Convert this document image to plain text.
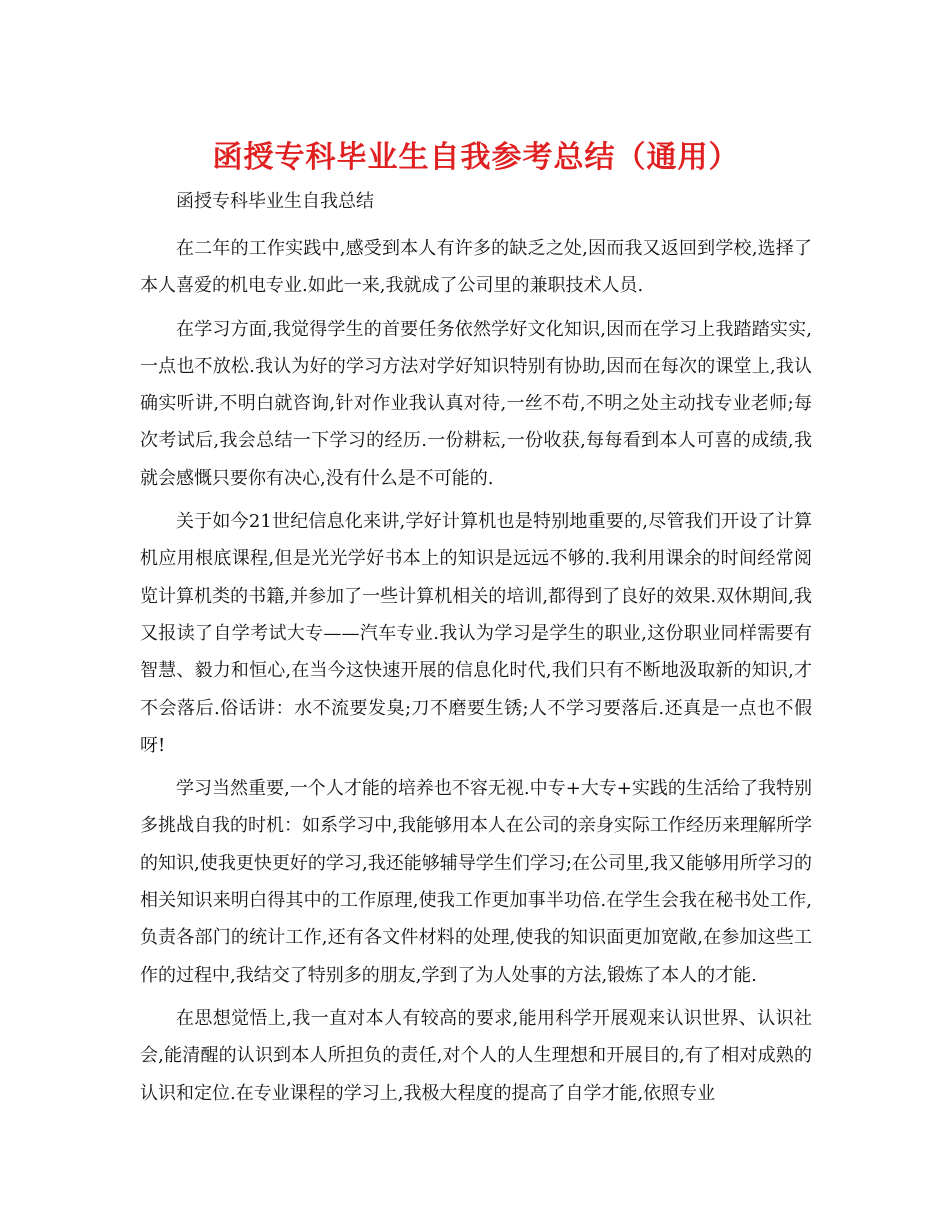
函授专科毕业生自我参考总结（通用）
函授专科毕业生自我总结

在二年的工作实践中,感受到本人有许多的缺乏之处,因而我又返回到学校,选择了本人喜爱的机电专业.如此一来,我就成了公司里的兼职技术人员.

在学习方面,我觉得学生的首要任务依然学好文化知识,因而在学习上我踏踏实实,一点也不放松.我认为好的学习方法对学好知识特别有协助,因而在每次的课堂上,我认确实听讲,不明白就咨询,针对作业我认真对待,一丝不苟,不明之处主动找专业老师;每次考试后,我会总结一下学习的经历.一份耕耘,一份收获,每每看到本人可喜的成绩,我就会感慨只要你有决心,没有什么是不可能的.

关于如今21世纪信息化来讲,学好计算机也是特别地重要的,尽管我们开设了计算机应用根底课程,但是光光学好书本上的知识是远远不够的.我利用课余的时间经常阅览计算机类的书籍,并参加了一些计算机相关的培训,都得到了良好的效果.双休期间,我又报读了自学考试大专——汽车专业.我认为学习是学生的职业,这份职业同样需要有智慧、毅力和恒心,在当今这快速开展的信息化时代,我们只有不断地汲取新的知识,才不会落后.俗话讲：水不流要发臭;刀不磨要生锈;人不学习要落后.还真是一点也不假呀!

学习当然重要,一个人才能的培养也不容无视.中专+大专+实践的生活给了我特别多挑战自我的时机：如系学习中,我能够用本人在公司的亲身实际工作经历来理解所学的知识,使我更快更好的学习,我还能够辅导学生们学习;在公司里,我又能够用所学习的相关知识来明白得其中的工作原理,使我工作更加事半功倍.在学生会我在秘书处工作,负责各部门的统计工作,还有各文件材料的处理,使我的知识面更加宽敞,在参加这些工作的过程中,我结交了特别多的朋友,学到了为人处事的方法,锻炼了本人的才能.

在思想觉悟上,我一直对本人有较高的要求,能用科学开展观来认识世界、认识社会,能清醒的认识到本人所担负的责任,对个人的人生理想和开展目的,有了相对成熟的认识和定位.在专业课程的学习上,我极大程度的提高了自学才能,依照专业
